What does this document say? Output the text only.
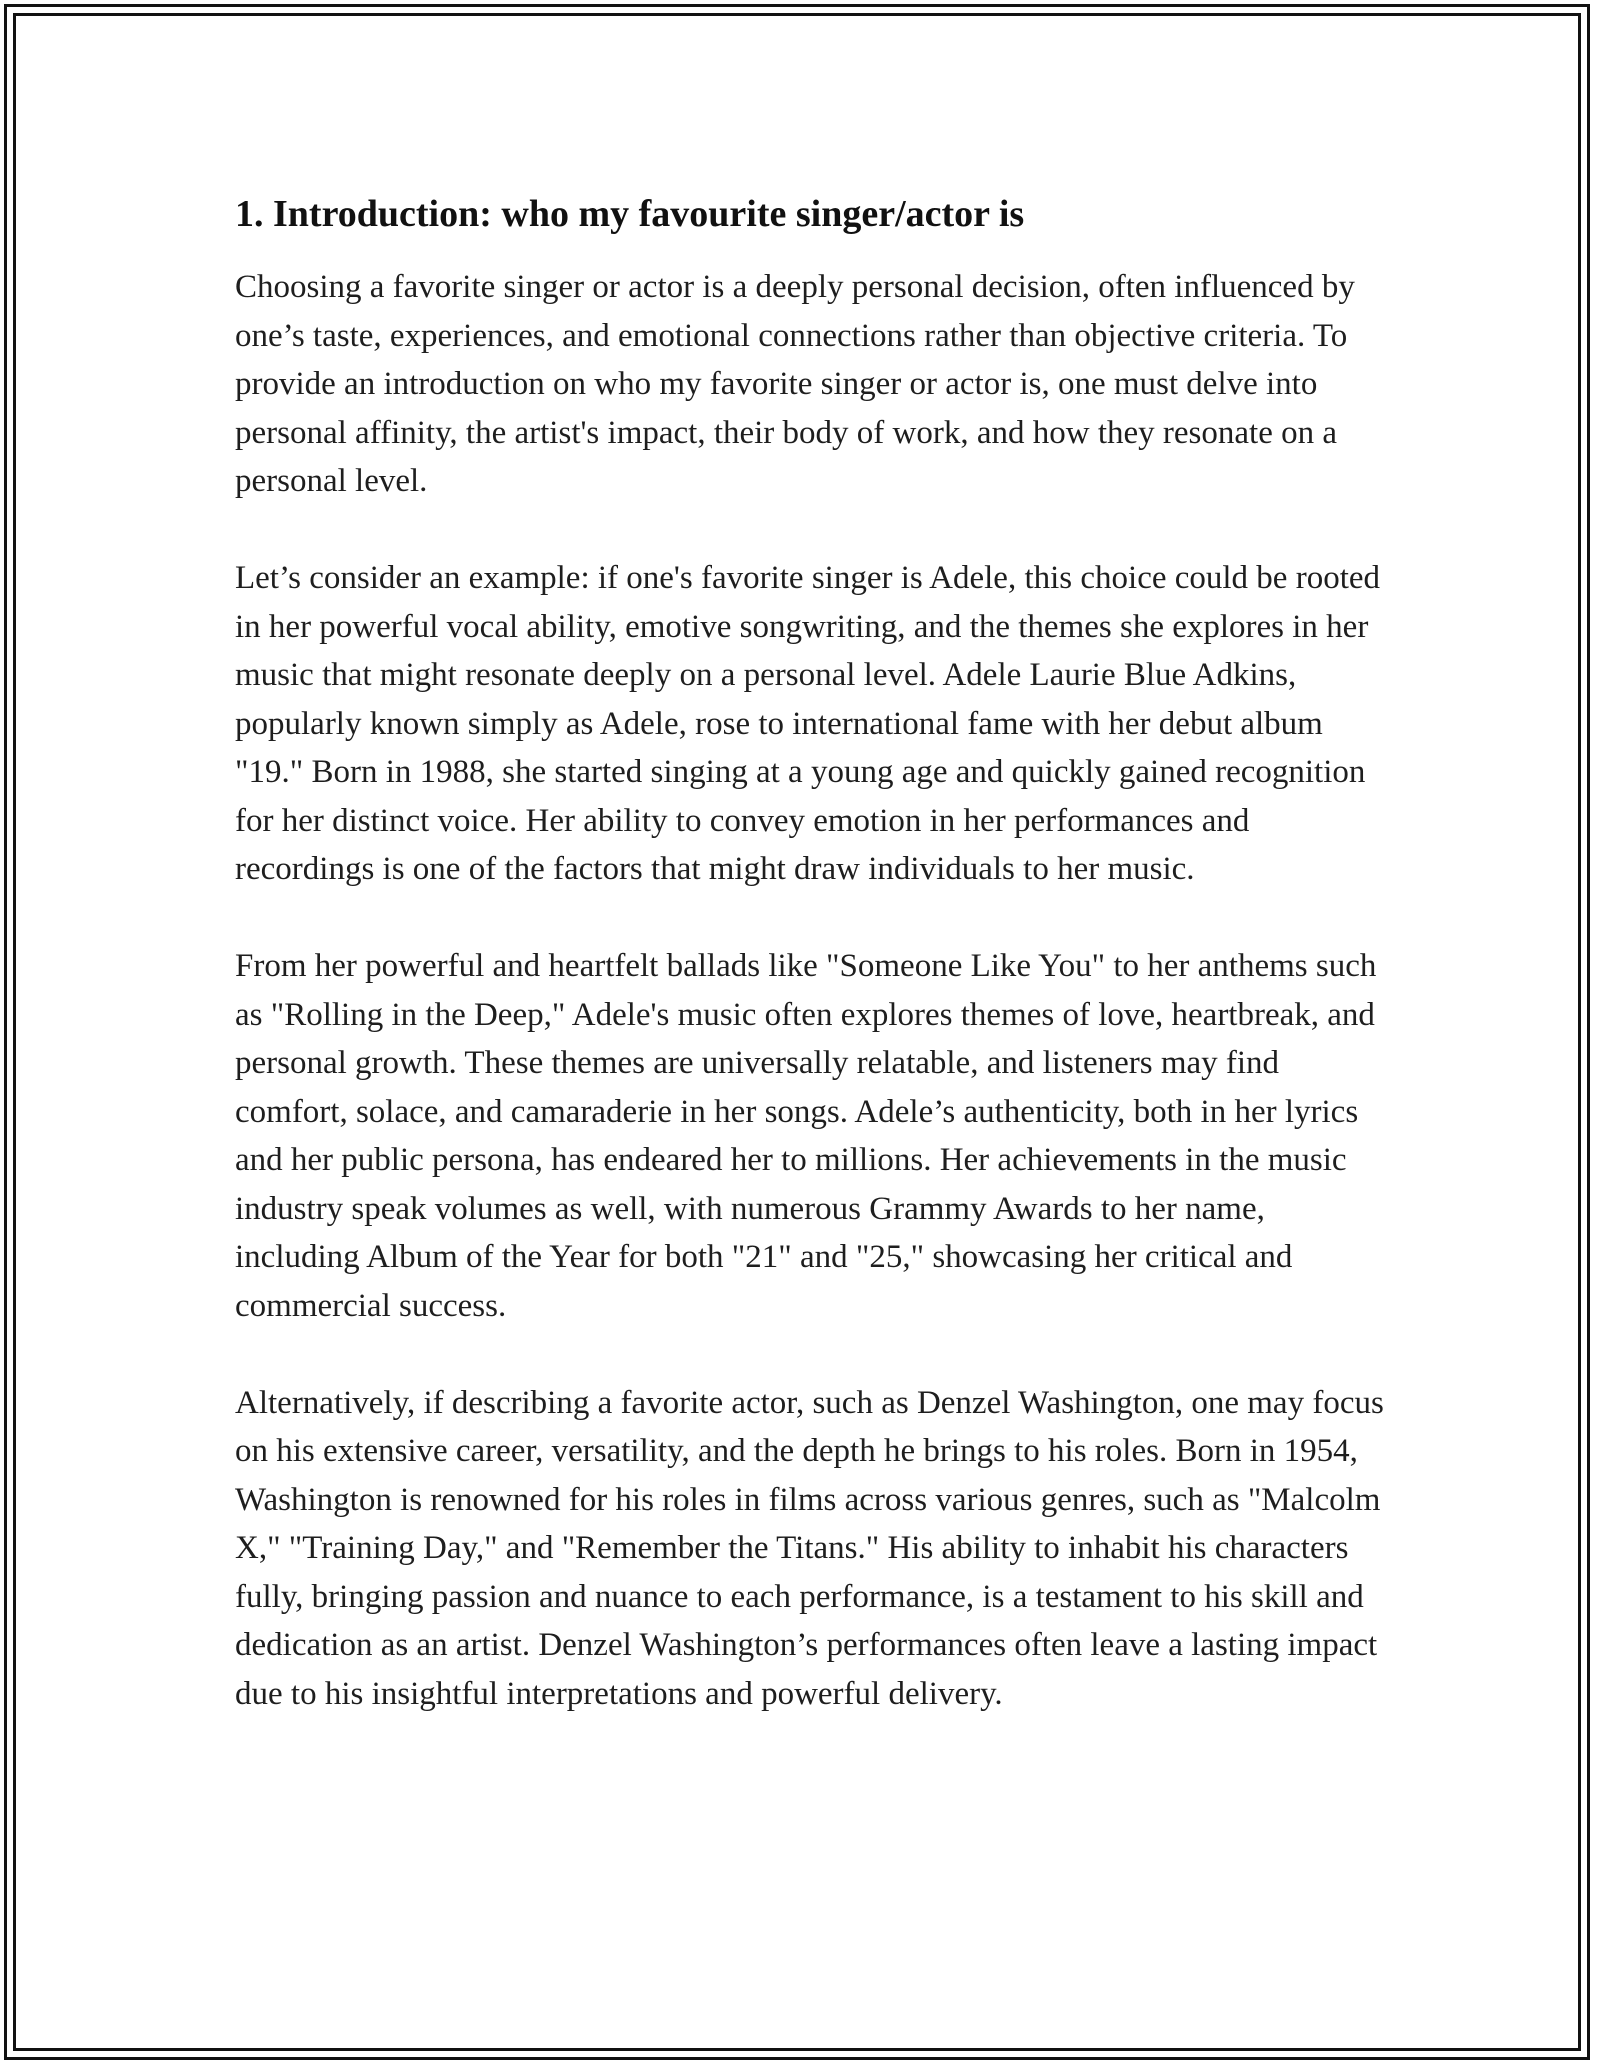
1. Introduction: who my favourite singer/actor is

Choosing a favorite singer or actor is a deeply personal decision, often influenced by one’s taste, experiences, and emotional connections rather than objective criteria. To provide an introduction on who my favorite singer or actor is, one must delve into personal affinity, the artist's impact, their body of work, and how they resonate on a personal level.

Let’s consider an example: if one's favorite singer is Adele, this choice could be rooted in her powerful vocal ability, emotive songwriting, and the themes she explores in her music that might resonate deeply on a personal level. Adele Laurie Blue Adkins, popularly known simply as Adele, rose to international fame with her debut album "19." Born in 1988, she started singing at a young age and quickly gained recognition for her distinct voice. Her ability to convey emotion in her performances and recordings is one of the factors that might draw individuals to her music.

From her powerful and heartfelt ballads like "Someone Like You" to her anthems such as "Rolling in the Deep," Adele's music often explores themes of love, heartbreak, and personal growth. These themes are universally relatable, and listeners may find comfort, solace, and camaraderie in her songs. Adele’s authenticity, both in her lyrics and her public persona, has endeared her to millions. Her achievements in the music industry speak volumes as well, with numerous Grammy Awards to her name, including Album of the Year for both "21" and "25," showcasing her critical and commercial success.

Alternatively, if describing a favorite actor, such as Denzel Washington, one may focus on his extensive career, versatility, and the depth he brings to his roles. Born in 1954, Washington is renowned for his roles in films across various genres, such as "Malcolm X," "Training Day," and "Remember the Titans." His ability to inhabit his characters fully, bringing passion and nuance to each performance, is a testament to his skill and dedication as an artist. Denzel Washington’s performances often leave a lasting impact due to his insightful interpretations and powerful delivery.
